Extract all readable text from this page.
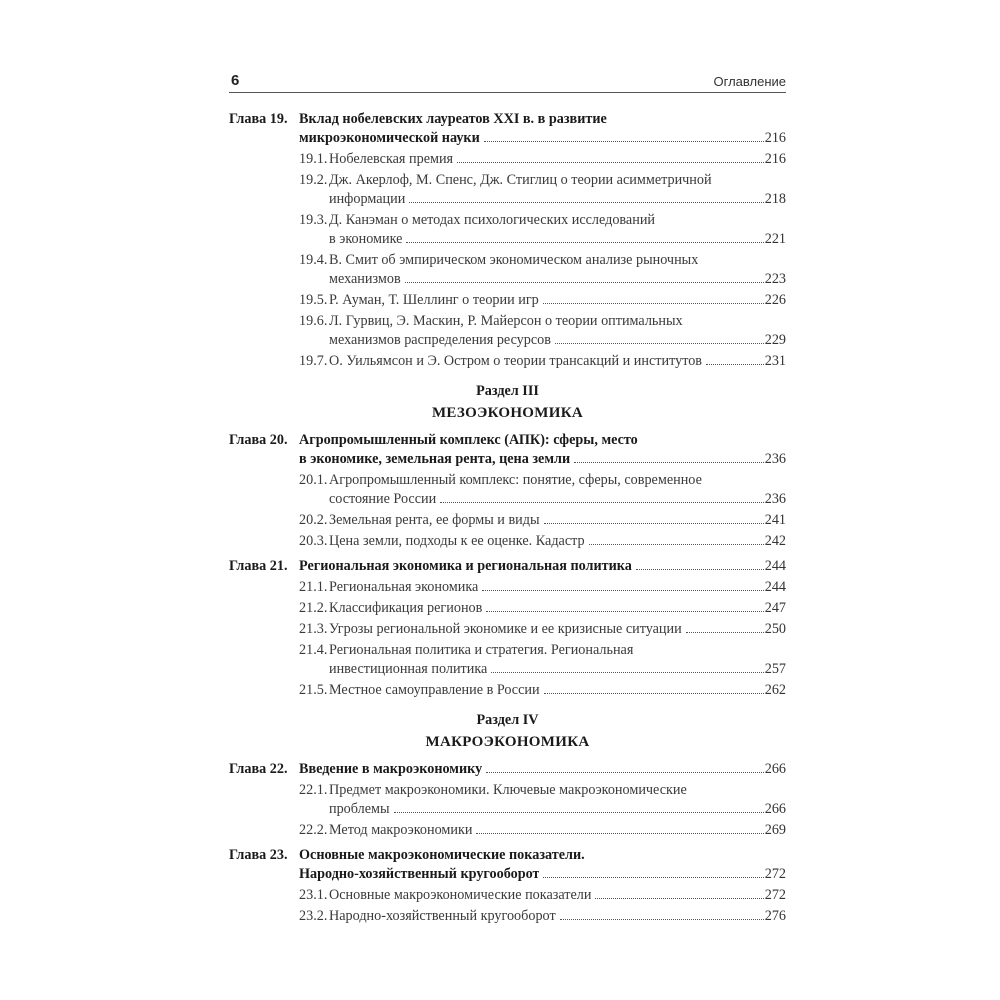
6	Оглавление
Глава 19. Вклад нобелевских лауреатов XXI в. в развитие
микроэкономической науки	216
19.1. Нобелевская премия	216
19.2. Дж. Акерлоф, М. Спенс, Дж. Стиглиц о теории асимметричной
информации	218
19.3. Д. Канэман о методах психологических исследований
в экономике	221
19.4. В. Смит об эмпирическом экономическом анализе рыночных
механизмов	223
19.5. Р. Ауман, Т. Шеллинг о теории игр	226
19.6. Л. Гурвиц, Э. Маскин, Р. Майерсон о теории оптимальных
механизмов распределения ресурсов	229
19.7. О. Уильямсон и Э. Остром о теории трансакций и институтов	231
Раздел III
МЕЗОЭКОНОМИКА
Глава 20. Агропромышленный комплекс (АПК): сферы, место
в экономике, земельная рента, цена земли	236
20.1. Агропромышленный комплекс: понятие, сферы, современное
состояние России	236
20.2. Земельная рента, ее формы и виды	241
20.3. Цена земли, подходы к ее оценке. Кадастр	242
Глава 21. Региональная экономика и региональная политика	244
21.1. Региональная экономика	244
21.2. Классификация регионов	247
21.3. Угрозы региональной экономике и ее кризисные ситуации	250
21.4. Региональная политика и стратегия. Региональная
инвестиционная политика	257
21.5. Местное самоуправление в России	262
Раздел IV
МАКРОЭКОНОМИКА
Глава 22. Введение в макроэкономику	266
22.1. Предмет макроэкономики. Ключевые макроэкономические
проблемы	266
22.2. Метод макроэкономики	269
Глава 23. Основные макроэкономические показатели.
Народно-хозяйственный кругооборот	272
23.1. Основные макроэкономические показатели	272
23.2. Народно-хозяйственный кругооборот	276
